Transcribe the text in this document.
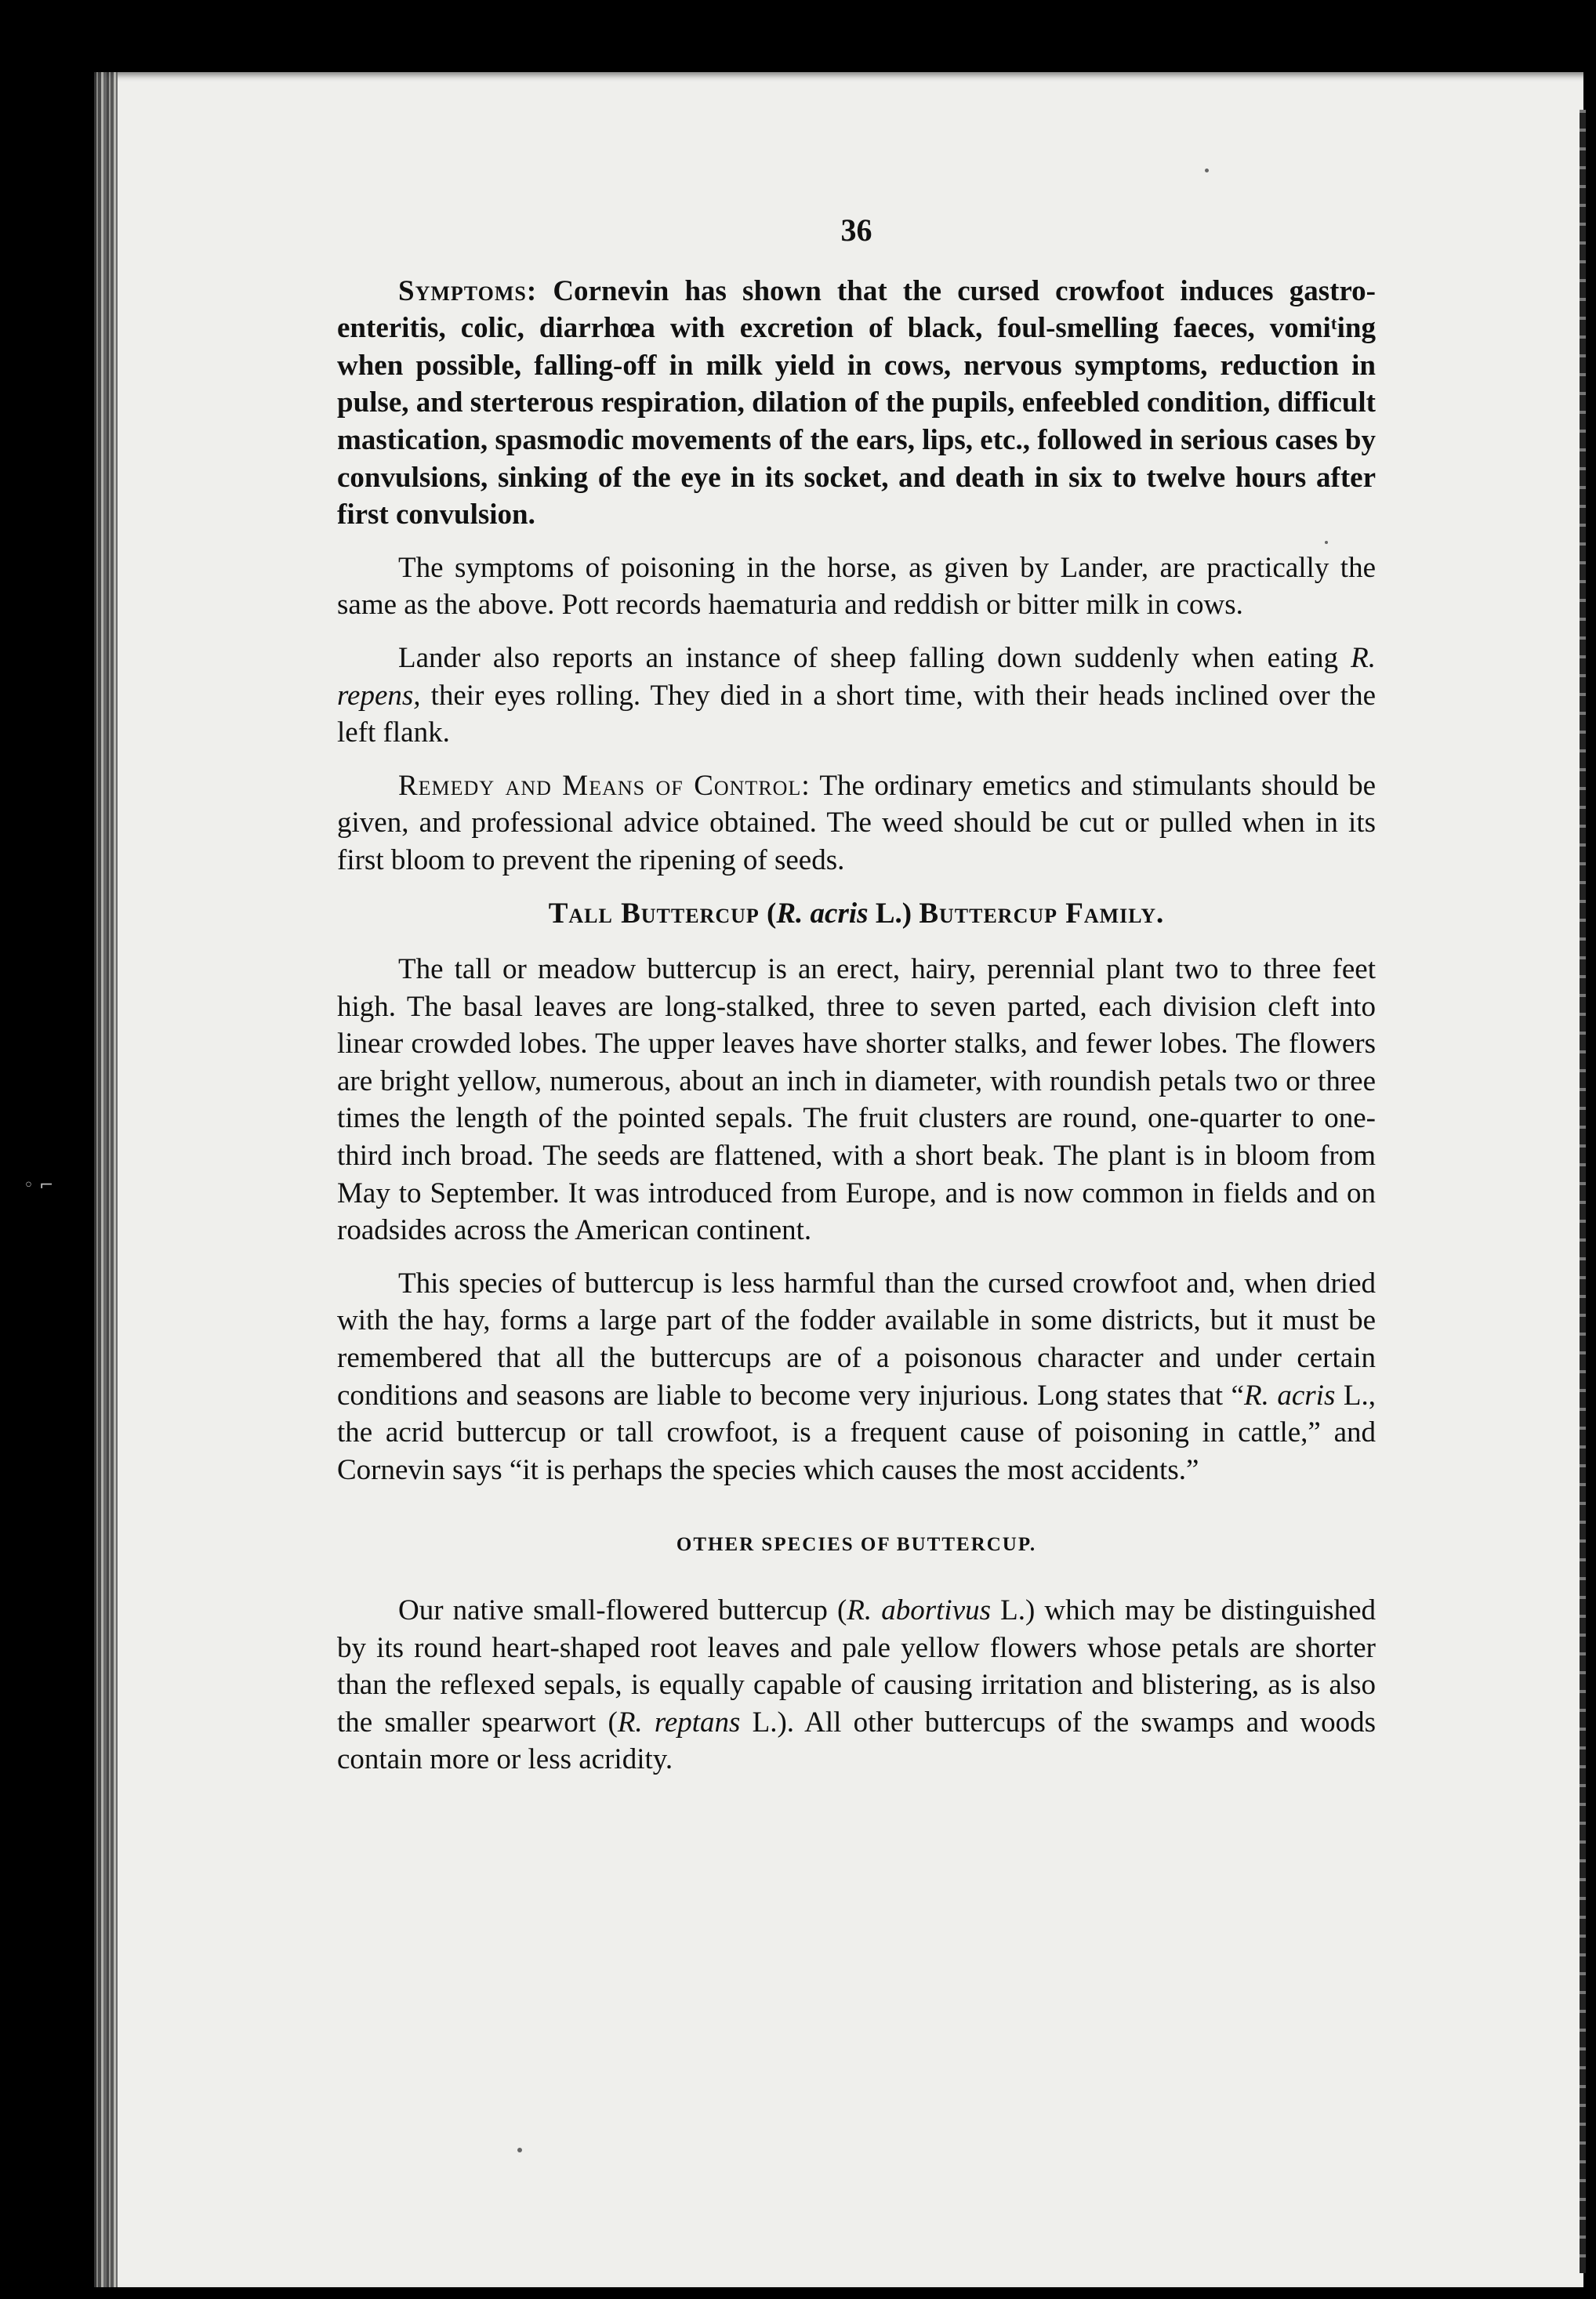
◦ ⌐
36

Symptoms: Cornevin has shown that the cursed crowfoot induces gastro-enteritis, colic, diarrhœa with excretion of black, foul-smelling faeces, vomiᵗing when possible, falling-off in milk yield in cows, nervous symptoms, reduction in pulse, and sterterous respiration, dilation of the pupils, enfeebled condition, difficult mastication, spasmodic movements of the ears, lips, etc., followed in serious cases by convulsions, sinking of the eye in its socket, and death in six to twelve hours after first convulsion.

The symptoms of poisoning in the horse, as given by Lander, are practically the same as the above. Pott records haematuria and reddish or bitter milk in cows.

Lander also reports an instance of sheep falling down suddenly when eating R. repens, their eyes rolling. They died in a short time, with their heads inclined over the left flank.

Remedy and Means of Control: The ordinary emetics and stimulants should be given, and professional advice obtained. The weed should be cut or pulled when in its first bloom to prevent the ripening of seeds.

Tall Buttercup (R. acris L.) Buttercup Family.

The tall or meadow buttercup is an erect, hairy, perennial plant two to three feet high. The basal leaves are long-stalked, three to seven parted, each division cleft into linear crowded lobes. The upper leaves have shorter stalks, and fewer lobes. The flowers are bright yellow, numerous, about an inch in diameter, with roundish petals two or three times the length of the pointed sepals. The fruit clusters are round, one-quarter to one-third inch broad. The seeds are flattened, with a short beak. The plant is in bloom from May to September. It was introduced from Europe, and is now common in fields and on roadsides across the American continent.

This species of buttercup is less harmful than the cursed crowfoot and, when dried with the hay, forms a large part of the fodder available in some districts, but it must be remembered that all the buttercups are of a poisonous character and under certain conditions and seasons are liable to become very injurious. Long states that “R. acris L., the acrid buttercup or tall crowfoot, is a frequent cause of poisoning in cattle,” and Cornevin says “it is perhaps the species which causes the most accidents.”

OTHER SPECIES OF BUTTERCUP.

Our native small-flowered buttercup (R. abortivus L.) which may be distinguished by its round heart-shaped root leaves and pale yellow flowers whose petals are shorter than the reflexed sepals, is equally capable of causing irritation and blistering, as is also the smaller spearwort (R. reptans L.). All other buttercups of the swamps and woods contain more or less acridity.
